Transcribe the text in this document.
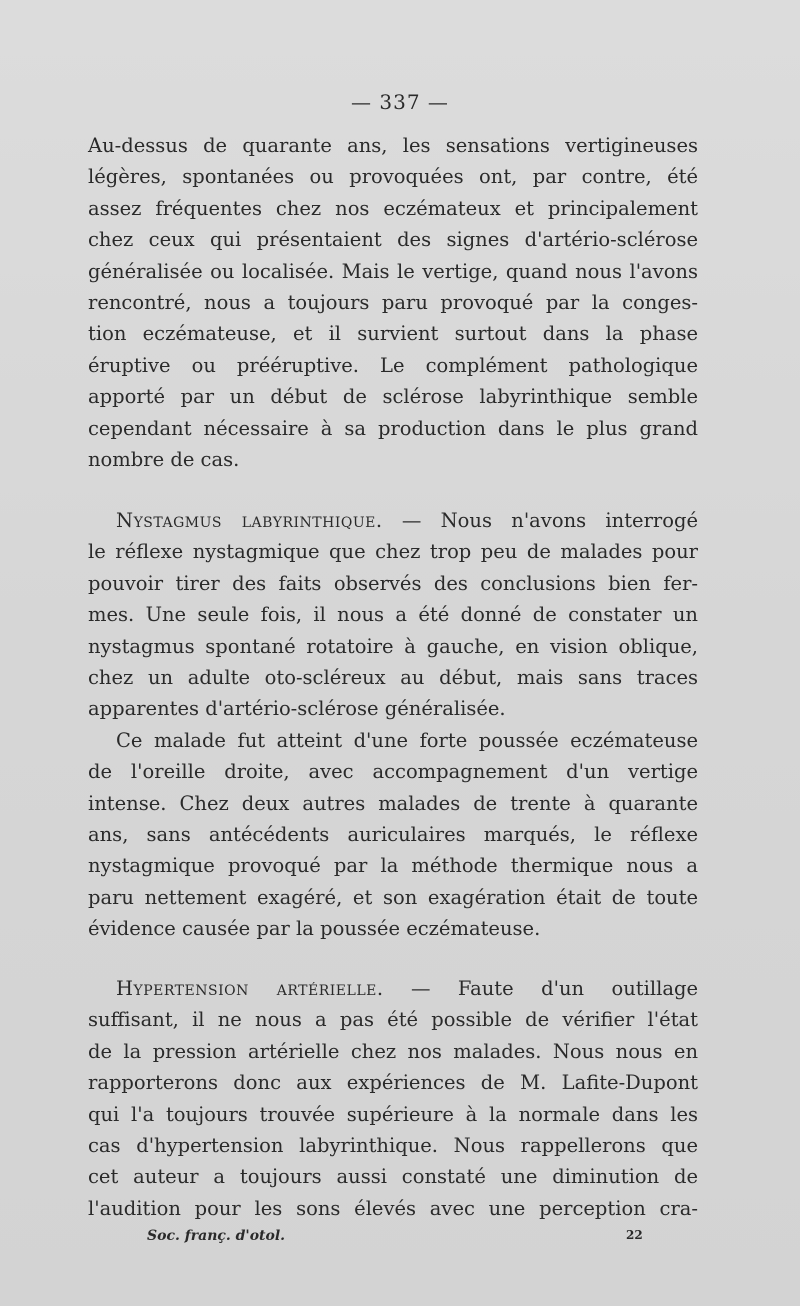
— 337 —
Au-dessus de quarante ans, les sensations vertigineuses
légères, spontanées ou provoquées ont, par contre, été
assez fréquentes chez nos eczémateux et principalement
chez ceux qui présentaient des signes d'artério-sclérose
généralisée ou localisée. Mais le vertige, quand nous l'avons
rencontré, nous a toujours paru provoqué par la conges-
tion eczémateuse, et il survient surtout dans la phase
éruptive ou prééruptive. Le complément pathologique
apporté par un début de sclérose labyrinthique semble
cependant nécessaire à sa production dans le plus grand
nombre de cas.
Nystagmus labyrinthique. — Nous n'avons interrogé
le réflexe nystagmique que chez trop peu de malades pour
pouvoir tirer des faits observés des conclusions bien fer-
mes. Une seule fois, il nous a été donné de constater un
nystagmus spontané rotatoire à gauche, en vision oblique,
chez un adulte oto-scléreux au début, mais sans traces
apparentes d'artério-sclérose généralisée.
Ce malade fut atteint d'une forte poussée eczémateuse
de l'oreille droite, avec accompagnement d'un vertige
intense. Chez deux autres malades de trente à quarante
ans, sans antécédents auriculaires marqués, le réflexe
nystagmique provoqué par la méthode thermique nous a
paru nettement exagéré, et son exagération était de toute
évidence causée par la poussée eczémateuse.
Hypertension artérielle. — Faute d'un outillage
suffisant, il ne nous a pas été possible de vérifier l'état
de la pression artérielle chez nos malades. Nous nous en
rapporterons donc aux expériences de M. Lafite-Dupont
qui l'a toujours trouvée supérieure à la normale dans les
cas d'hypertension labyrinthique. Nous rappellerons que
cet auteur a toujours aussi constaté une diminution de
l'audition pour les sons élevés avec une perception cra-
Soc. franç. d'otol.	22
